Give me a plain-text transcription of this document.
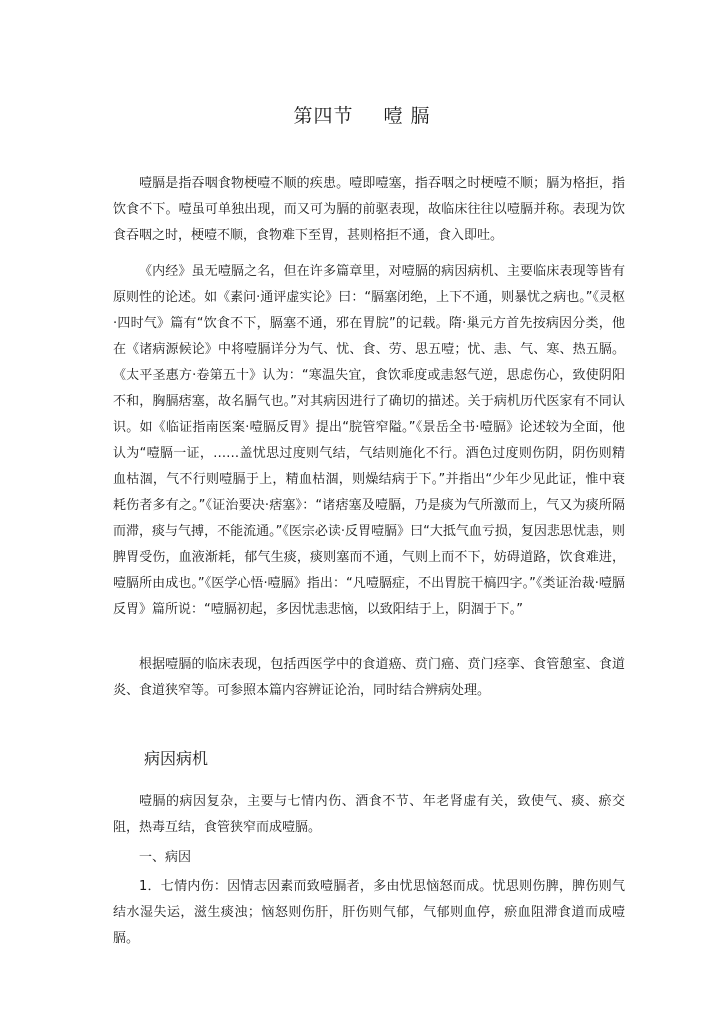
第四节 噎 膈

噎膈是指吞咽食物梗噎不顺的疾患。噎即噎塞，指吞咽之时梗噎不顺；膈为格拒，指饮食不下。噎虽可单独出现，而又可为膈的前驱表现，故临床往往以噎膈并称。表现为饮食吞咽之时，梗噎不顺，食物难下至胃，甚则格拒不通，食入即吐。

《内经》虽无噎膈之名，但在许多篇章里，对噎膈的病因病机、主要临床表现等皆有原则性的论述。如《素问·通评虚实论》曰：“膈塞闭绝，上下不通，则暴忧之病也。”《灵枢·四时气》篇有“饮食不下，膈塞不通，邪在胃脘”的记载。隋·巢元方首先按病因分类，他在《诸病源候论》中将噎膈详分为气、忧、食、劳、思五噎；忧、恚、气、寒、热五膈。《太平圣惠方·卷第五十》认为：“寒温失宜，食饮乖度或恚怒气逆，思虑伤心，致使阴阳不和，胸膈痞塞，故名膈气也。”对其病因进行了确切的描述。关于病机历代医家有不同认识。如《临证指南医案·噎膈反胃》提出“脘管窄隘。”《景岳全书·噎膈》论述较为全面，他认为“噎膈一证，……盖忧思过度则气结，气结则施化不行。酒色过度则伤阴，阴伤则精血枯涸，气不行则噎膈于上，精血枯涸，则燥结病于下。”并指出“少年少见此证，惟中衰耗伤者多有之。”《证治要决·痞塞》：“诸痞塞及噎膈，乃是痰为气所激而上，气又为痰所隔而滞，痰与气搏，不能流通。”《医宗必读·反胃噎膈》曰“大抵气血亏损，复因悲思忧恚，则脾胃受伤，血液渐耗，郁气生痰，痰则塞而不通，气则上而不下，妨碍道路，饮食难进，噎膈所由成也。”《医学心悟·噎膈》指出：“凡噎膈症，不出胃脘干槁四字。”《类证治裁·噎膈反胃》篇所说：“噎膈初起，多因忧恚悲恼，以致阳结于上，阴涸于下。”

根据噎膈的临床表现，包括西医学中的食道癌、贲门癌、贲门痉挛、食管憩室、食道炎、食道狭窄等。可参照本篇内容辨证论治，同时结合辨病处理。

病因病机

噎膈的病因复杂，主要与七情内伤、酒食不节、年老肾虚有关，致使气、痰、瘀交阻，热毒互结，食管狭窄而成噎膈。

一、病因

1．七情内伤：因情志因素而致噎膈者，多由忧思恼怒而成。忧思则伤脾，脾伤则气结水湿失运，滋生痰浊；恼怒则伤肝，肝伤则气郁，气郁则血停，瘀血阻滞食道而成噎膈。
